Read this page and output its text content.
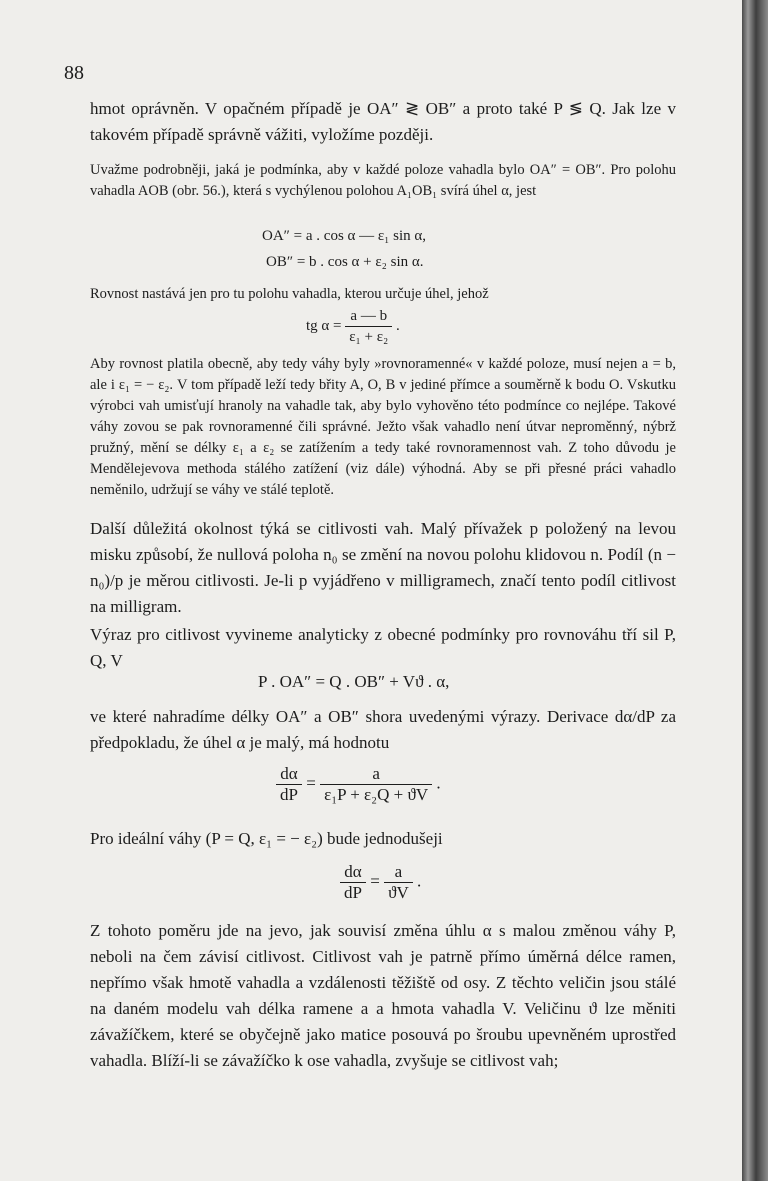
88

hmot oprávněn. V opačném případě je OA″ ≷ OB″ a proto také P ≶ Q. Jak lze v takovém případě správně vážiti, vyložíme později.

Uvažme podrobněji, jaká je podmínka, aby v každé poloze vahadla bylo OA″ = OB″. Pro polohu vahadla AOB (obr. 56.), která s vychýlenou polohou A₁OB₁ svírá úhel α, jest

OA″ = a . cos α — ε₁ sin α,
OB″ = b . cos α + ε₂ sin α.

Rovnost nastává jen pro tu polohu vahadla, kterou určuje úhel, jehož

tg $\alpha = \frac{a — b}{\text{ε₁ + ε₂}}$ .

Aby rovnost platila obecně, aby tedy váhy byly »rovnoramenné« v každé poloze, musí nejen a = b, ale i ε₁ = − ε₂. V tom případě leží tedy břity A, O, B v jediné přímce a souměrně k bodu O. Vskutku výrobci vah umisťují hranoly na vahadle tak, aby bylo vyhověno této podmínce co nejlépe. Takové váhy zovou se pak rovnoramenné čili správné. Ježto však vahadlo není útvar neproměnný, nýbrž pružný, mění se délky ε₁ a ε₂ se zatížením a tedy také rovnoramennost vah. Z toho důvodu je Mendělejevova methoda stálého zatížení (viz dále) výhodná. Aby se při přesné práci vahadlo neměnilo, udržují se váhy ve stálé teplotě.

Další důležitá okolnost týká se citlivosti vah. Malý přívažek p položený na levou misku způsobí, že nullová poloha n₀ se změní na novou polohu klidovou n. Podíl (n − n₀)/p je měrou citlivosti. Je-li p vyjádřeno v milligramech, značí tento podíl citlivost na milligram.

Výraz pro citlivost vyvineme analyticky z obecné podmínky pro rovnováhu tří sil P, Q, V

P . OA″ = Q . OB″ + Vϑ . α,

ve které nahradíme délky OA″ a OB″ shora uvedenými výrazy. Derivace dα/dP za předpokladu, že úhel α je malý, má hodnotu

$\frac{d\alpha}{dP} = \frac{a}{\text{ε₁P + ε₂Q + ϑV}}$ .

Pro ideální váhy (P = Q, ε₁ = − ε₂) bude jednodušeji

$\frac{d\alpha}{dP} = \frac{a}{ϑV}$ .

Z tohoto poměru jde na jevo, jak souvisí změna úhlu α s malou změnou váhy P, neboli na čem závisí citlivost. Citlivost vah je patrně přímo úměrná délce ramen, nepřímo však hmotě vahadla a vzdálenosti těžiště od osy. Z těchto veličin jsou stálé na daném modelu vah délka ramene a a hmota vahadla V. Veličinu ϑ lze měniti závažíčkem, které se obyčejně jako matice posouvá po šroubu upevněném uprostřed vahadla. Blíží-li se závažíčko k ose vahadla, zvyšuje se citlivost vah;
